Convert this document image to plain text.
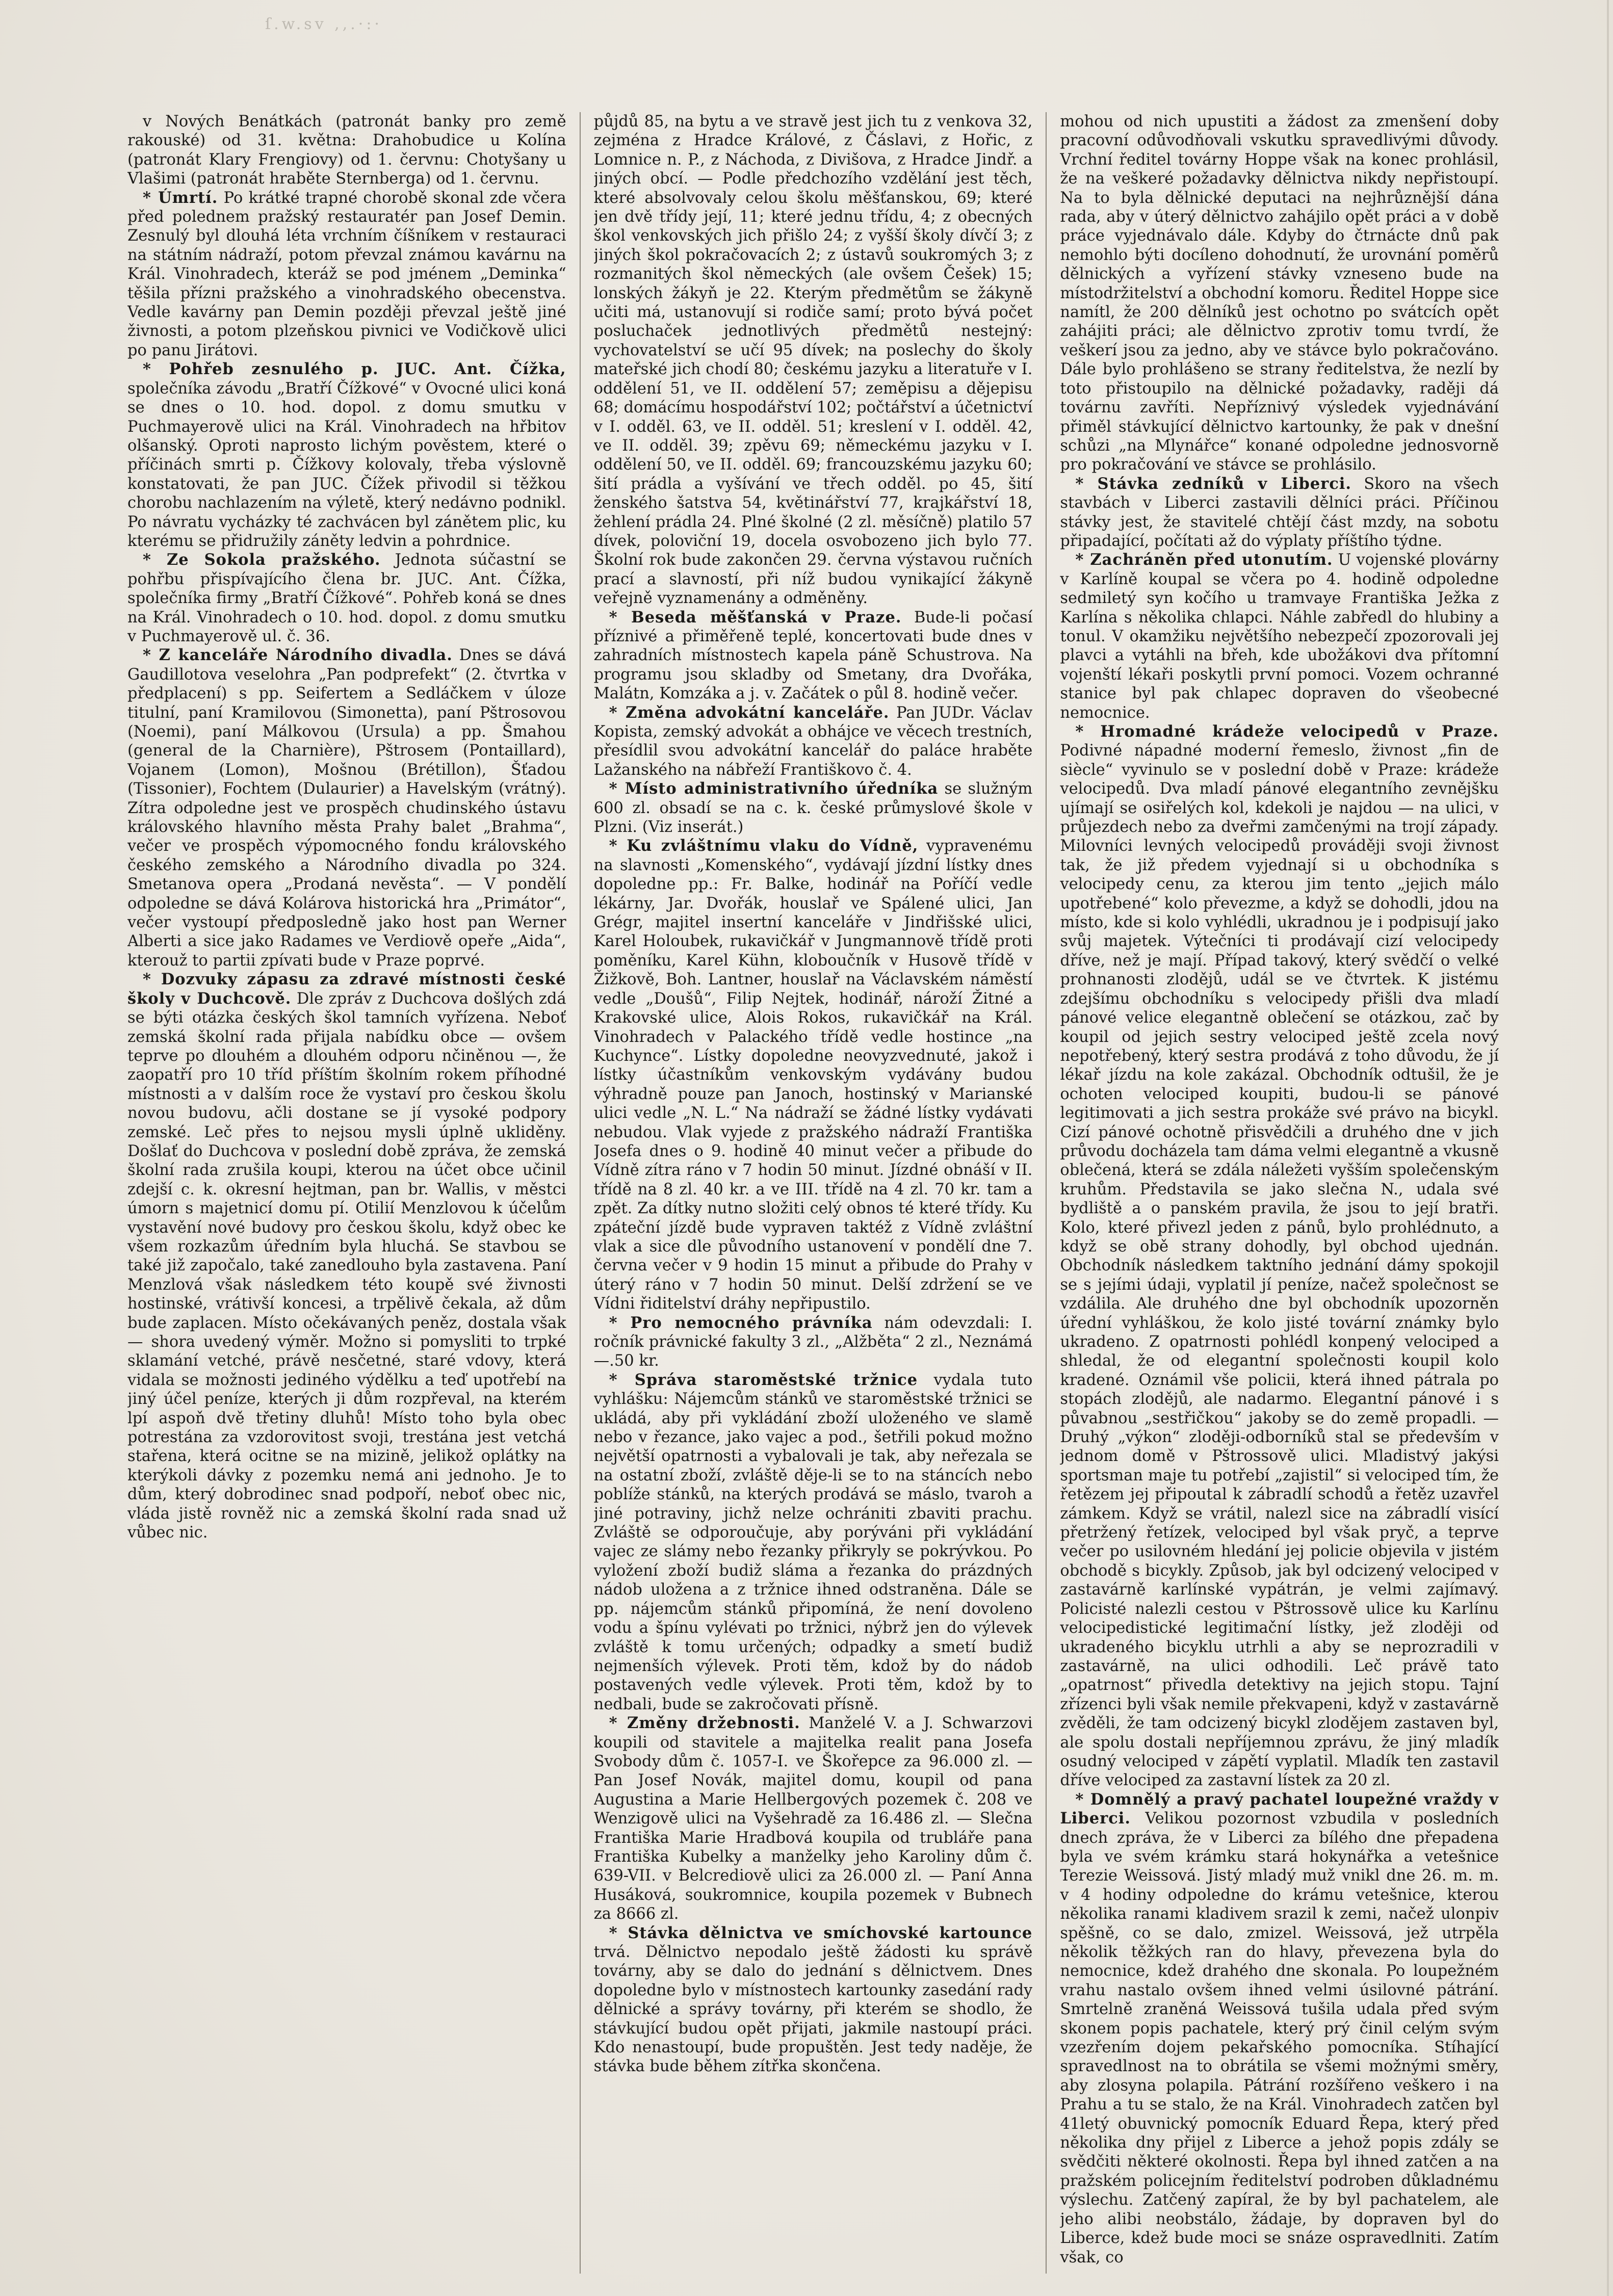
ſ.w.sv ,,.·:·

v Nových Benátkách (patronát banky pro země rakouské) od 31. května: Drahobudice u Kolína (patronát Klary Frengiovy) od 1. červnu: Chotyšany u Vlašimi (patronát hraběte Sternberga) od 1. červnu.

* Úmrtí. Po krátké trapné chorobě skonal zde včera před polednem pražský restauratér pan Josef Demin. Zesnulý byl dlouhá léta vrchním číšníkem v restauraci na státním nádraží, potom převzal známou kavárnu na Král. Vinohradech, kteráž se pod jménem „Deminka“ těšila přízni pražského a vinohradského obecenstva. Vedle kavárny pan Demin později převzal ještě jiné živnosti, a potom plzeňskou pivnici ve Vodičkově ulici po panu Jirátovi.

* Pohřeb zesnulého p. JUC. Ant. Čížka, společníka závodu „Bratří Čížkové“ v Ovocné ulici koná se dnes o 10. hod. dopol. z domu smutku v Puchmayerově ulici na Král. Vinohradech na hřbitov olšanský. Oproti naprosto lichým pověstem, které o příčinách smrti p. Čížkovy kolovaly, třeba výslovně konstatovati, že pan JUC. Čížek přivodil si těžkou chorobu nachlazením na výletě, který nedávno podnikl. Po návratu vycházky té zachvácen byl zánětem plic, ku kterému se přidružily záněty ledvin a pohrdnice.

* Ze Sokola pražského. Jednota súčastní se pohřbu přispívajícího člena br. JUC. Ant. Čížka, společníka firmy „Bratří Čížkové“. Pohřeb koná se dnes na Král. Vinohradech o 10. hod. dopol. z domu smutku v Puchmayerově ul. č. 36.

* Z kanceláře Národního divadla. Dnes se dává Gaudillotova veselohra „Pan podprefekt“ (2. čtvrtka v předplacení) s pp. Seifertem a Sedláčkem v úloze titulní, paní Kramilovou (Simonetta), paní Pštrosovou (Noemi), paní Málkovou (Ursula) a pp. Šmahou (general de la Charnière), Pštrosem (Pontaillard), Vojanem (Lomon), Mošnou (Brétillon), Šťadou (Tissonier), Fochtem (Dulaurier) a Havelským (vrátný). Zítra odpoledne jest ve prospěch chudinského ústavu královského hlavního města Prahy balet „Brahma“, večer ve prospěch výpomocného fondu královského českého zemského a Národního divadla po 324. Smetanova opera „Prodaná nevěsta“. — V pondělí odpoledne se dává Kolárova historická hra „Primátor“, večer vystoupí předposledně jako host pan Werner Alberti a sice jako Radames ve Verdiově opeře „Aida“, kterouž to partii zpívati bude v Praze poprvé.

* Dozvuky zápasu za zdravé místnosti české školy v Duchcově. Dle zpráv z Duchcova došlých zdá se býti otázka českých škol tamních vyřízena. Neboť zemská školní rada přijala nabídku obce — ovšem teprve po dlouhém a dlouhém odporu nčiněnou —, že zaopatří pro 10 tříd příštím školním rokem příhodné místnosti a v dalším roce že vystaví pro českou školu novou budovu, ačli dostane se jí vysoké podpory zemské. Leč přes to nejsou mysli úplně ukliděny. Došlať do Duchcova v poslední době zpráva, že zemská školní rada zrušila koupi, kterou na účet obce učinil zdejší c. k. okresní hejtman, pan br. Wallis, v městci úmorn s majetnicí domu pí. Otilií Menzlovou k účelům vystavění nové budovy pro českou školu, když obec ke všem rozkazům úředním byla hluchá. Se stavbou se také již započalo, také zanedlouho byla zastavena. Paní Menzlová však následkem této koupě své živnosti hostinské, vrátivší koncesi, a trpělivě čekala, až dům bude zaplacen. Místo očekávaných peněz, dostala však — shora uvedený výměr. Možno si pomysliti to trpké sklamání vetché, právě nesčetné, staré vdovy, která vidala se možnosti jediného výdělku a teď upotřebí na jiný účel peníze, kterých ji dům rozpřeval, na kterém lpí aspoň dvě třetiny dluhů! Místo toho byla obec potrestána za vzdorovitost svoji, trestána jest vetchá stařena, která ocitne se na mizině, jelikož oplátky na kterýkoli dávky z pozemku nemá ani jednoho. Je to dům, který dobrodinec snad podpoří, neboť obec nic, vláda jistě rovněž nic a zemská školní rada snad už vůbec nic.

půjdů 85, na bytu a ve stravě jest jich tu z venkova 32, zejména z Hradce Králové, z Čáslavi, z Hořic, z Lomnice n. P., z Náchoda, z Divišova, z Hradce Jindř. a jiných obcí. — Podle předchozího vzdělání jest těch, které absolvovaly celou školu měšťanskou, 69; které jen dvě třídy její, 11; které jednu třídu, 4; z obecných škol venkovských jich přišlo 24; z vyšší školy dívčí 3; z jiných škol pokračovacích 2; z ústavů soukromých 3; z rozmanitých škol německých (ale ovšem Češek) 15; lonských žákyň je 22. Kterým předmětům se žákyně učiti má, ustanovují si rodiče samí; proto bývá počet posluchaček jednotlivých předmětů nestejný: vychovatelství se učí 95 dívek; na poslechy do školy mateřské jich chodí 80; českému jazyku a literatuře v I. oddělení 51, ve II. oddělení 57; zeměpisu a dějepisu 68; domácímu hospodářství 102; počtářství a účetnictví v I. odděl. 63, ve II. odděl. 51; kreslení v I. odděl. 42, ve II. odděl. 39; zpěvu 69; německému jazyku v I. oddělení 50, ve II. odděl. 69; francouzskému jazyku 60; šití prádla a vyšívání ve třech odděl. po 45, šití ženského šatstva 54, květinářství 77, krajkářství 18, žehlení prádla 24. Plné školné (2 zl. měsíčně) platilo 57 dívek, poloviční 19, docela osvobozeno jich bylo 77. Školní rok bude zakončen 29. června výstavou ručních prací a slavností, při níž budou vynikající žákyně veřejně vyznamenány a odměněny.

* Beseda měšťanská v Praze. Bude-li počasí příznivé a přiměřeně teplé, koncertovati bude dnes v zahradních místnostech kapela páně Schustrova. Na programu jsou skladby od Smetany, dra Dvořáka, Malátn, Komzáka a j. v. Začátek o půl 8. hodině večer.

* Změna advokátní kanceláře. Pan JUDr. Václav Kopista, zemský advokát a obhájce ve věcech trestních, přesídlil svou advokátní kancelář do paláce hraběte Lažanského na nábřeží Františkovo č. 4.

* Místo administrativního úředníka se služným 600 zl. obsadí se na c. k. české průmyslové škole v Plzni. (Viz inserát.)

* Ku zvláštnímu vlaku do Vídně, vypravenému na slavnosti „Komenského“, vydávají jízdní lístky dnes dopoledne pp.: Fr. Balke, hodinář na Poříčí vedle lékárny, Jar. Dvořák, houslař ve Spálené ulici, Jan Grégr, majitel insertní kanceláře v Jindřišské ulici, Karel Holoubek, rukavičkář v Jungmannově třídě proti poměníku, Karel Kühn, kloboučník v Husově třídě v Žižkově, Boh. Lantner, houslař na Václavském náměstí vedle „Doušů“, Filip Nejtek, hodinář, nároží Žitné a Krakovské ulice, Alois Rokos, rukavičkář na Král. Vinohradech v Palackého třídě vedle hostince „na Kuchynce“. Lístky dopoledne neovyzvednuté, jakož i lístky účastníkům venkovským vydávány budou výhradně pouze pan Janoch, hostinský v Marianské ulici vedle „N. L.“ Na nádraží se žádné lístky vydávati nebudou. Vlak vyjede z pražského nádraží Františka Josefa dnes o 9. hodině 40 minut večer a přibude do Vídně zítra ráno v 7 hodin 50 minut. Jízdné obnáší v II. třídě na 8 zl. 40 kr. a ve III. třídě na 4 zl. 70 kr. tam a zpět. Za dítky nutno složiti celý obnos té které třídy. Ku zpáteční jízdě bude vypraven taktéž z Vídně zvláštní vlak a sice dle původního ustanovení v pondělí dne 7. června večer v 9 hodin 15 minut a přibude do Prahy v úterý ráno v 7 hodin 50 minut. Delší zdržení se ve Vídni řiditelství dráhy nepřipustilo.

* Pro nemocného právníka nám odevzdali: I. ročník právnické fakulty 3 zl., „Alžběta“ 2 zl., Neznámá —.50 kr.

* Správa staroměstské tržnice vydala tuto vyhlášku: Nájemcům stánků ve staroměstské tržnici se ukládá, aby při vykládání zboží uloženého ve slamě nebo v řezance, jako vajec a pod., šetřili pokud možno největší opatrnosti a vybalovali je tak, aby neřezala se na ostatní zboží, zvláště děje-li se to na stáncích nebo poblíže stánků, na kterých prodává se máslo, tvaroh a jiné potraviny, jichž nelze ochrániti zbaviti prachu. Zvláště se odporoučuje, aby porýváni při vykládání vajec ze slámy nebo řezanky přikryly se pokrývkou. Po vyložení zboží budiž sláma a řezanka do prázdných nádob uložena a z tržnice ihned odstraněna. Dále se pp. nájemcům stánků připomíná, že není dovoleno vodu a špínu vylévati po tržnici, nýbrž jen do výlevek zvláště k tomu určených; odpadky a smetí budiž nejmenších výlevek. Proti těm, kdož by do nádob postavených vedle výlevek. Proti těm, kdož by to nedbali, bude se zakročovati přísně.

* Změny držebnosti. Manželé V. a J. Schwarzovi koupili od stavitele a majitelka realit pana Josefa Svobody dům č. 1057-I. ve Škořepce za 96.000 zl. — Pan Josef Novák, majitel domu, koupil od pana Augustina a Marie Hellbergových pozemek č. 208 ve Wenzigově ulici na Vyšehradě za 16.486 zl. — Slečna Františka Marie Hradbová koupila od trubláře pana Františka Kubelky a manželky jeho Karoliny dům č. 639-VII. v Belcrediově ulici za 26.000 zl. — Paní Anna Husáková, soukromnice, koupila pozemek v Bubnech za 8666 zl.

* Stávka dělnictva ve smíchovské kartounce trvá. Dělnictvo nepodalo ještě žádosti ku správě továrny, aby se dalo do jednání s dělnictvem. Dnes dopoledne bylo v místnostech kartounky zasedání rady dělnické a správy továrny, při kterém se shodlo, že stávkující budou opět přijati, jakmile nastoupí práci. Kdo nenastoupí, bude propuštěn. Jest tedy naděje, že stávka bude během zítřka skončena.

mohou od nich upustiti a žádost za zmenšení doby pracovní odůvodňovali vskutku spravedlivými důvody. Vrchní ředitel továrny Hoppe však na konec prohlásil, že na veškeré požadavky dělnictva nikdy nepřistoupí. Na to byla dělnické deputaci na nejhrůznější dána rada, aby v úterý dělnictvo zahájilo opět práci a v době práce vyjednávalo dále. Kdyby do čtrnácte dnů pak nemohlo býti docíleno dohodnutí, že urovnání poměrů dělnických a vyřízení stávky vzneseno bude na místodržitelství a obchodní komoru. Ředitel Hoppe sice namítl, že 200 dělníků jest ochotno po svátcích opět zahájiti práci; ale dělnictvo zprotiv tomu tvrdí, že veškerí jsou za jedno, aby ve stávce bylo pokračováno. Dále bylo prohlášeno se strany ředitelstva, že nezlí by toto přistoupilo na dělnické požadavky, raději dá továrnu zavříti. Nepříznivý výsledek vyjednávání přiměl stávkující dělnictvo kartounky, že pak v dnešní schůzi „na Mlynářce“ konané odpoledne jednosvorně pro pokračování ve stávce se prohlásilo.

* Stávka zedníků v Liberci. Skoro na všech stavbách v Liberci zastavili dělníci práci. Příčinou stávky jest, že stavitelé chtějí část mzdy, na sobotu připadající, počítati až do výplaty příštího týdne.

* Zachráněn před utonutím. U vojenské plovárny v Karlíně koupal se včera po 4. hodině odpoledne sedmiletý syn kočího u tramvaye Františka Ježka z Karlína s několika chlapci. Náhle zabředl do hlubiny a tonul. V okamžiku největšího nebezpečí zpozorovali jej plavci a vytáhli na břeh, kde ubožákovi dva přítomní vojenští lékaři poskytli první pomoci. Vozem ochranné stanice byl pak chlapec dopraven do všeobecné nemocnice.

* Hromadné krádeže velocipedů v Praze. Podivné nápadné moderní řemeslo, živnost „fin de siècle“ vyvinulo se v poslední době v Praze: krádeže velocipedů. Dva mladí pánové elegantního zevnějšku ujímají se osiřelých kol, kdekoli je najdou — na ulici, v průjezdech nebo za dveřmi zamčenými na trojí západy. Milovníci levných velocipedů prováději svoji živnost tak, že již předem vyjednají si u obchodníka s velocipedy cenu, za kterou jim tento „jejich málo upotřebené“ kolo převezme, a když se dohodli, jdou na místo, kde si kolo vyhlédli, ukradnou je i podpisují jako svůj majetek. Výtečníci ti prodávají cizí velocipedy dříve, než je mají. Případ takový, který svědčí o velké prohnanosti zlodějů, udál se ve čtvrtek. K jistému zdejšímu obchodníku s velocipedy přišli dva mladí pánové velice elegantně oblečení se otázkou, zač by koupil od jejich sestry velociped ještě zcela nový nepotřebený, který sestra prodává z toho důvodu, že jí lékař jízdu na kole zakázal. Obchodník odtušil, že je ochoten velociped koupiti, budou-li se pánové legitimovati a jich sestra prokáže své právo na bicykl. Cizí pánové ochotně přisvědčili a druhého dne v jich průvodu docházela tam dáma velmi elegantně a vkusně oblečená, která se zdála náležeti vyšším společenským kruhům. Představila se jako slečna N., udala své bydliště a o panském pravila, že jsou to její bratři. Kolo, které přivezl jeden z pánů, bylo prohlédnuto, a když se obě strany dohodly, byl obchod ujednán. Obchodník následkem taktního jednání dámy spokojil se s jejími údaji, vyplatil jí peníze, načež společnost se vzdálila. Ale druhého dne byl obchodník upozorněn úřední vyhláškou, že kolo jisté tovární známky bylo ukradeno. Z opatrnosti pohlédl konpený velociped a shledal, že od elegantní společnosti koupil kolo kradené. Oznámil vše policii, která ihned pátrala po stopách zlodějů, ale nadarmo. Elegantní pánové i s půvabnou „sestřičkou“ jakoby se do země propadli. — Druhý „výkon“ zloději-odborníků stal se především v jednom domě v Pštrossově ulici. Mladistvý jakýsi sportsman maje tu potřebí „zajistil“ si velociped tím, že řetězem jej připoutal k zábradlí schodů a řetěz uzavřel zámkem. Když se vrátil, nalezl sice na zábradlí visící přetržený řetízek, velociped byl však pryč, a teprve večer po usilovném hledání jej policie objevila v jistém obchodě s bicykly. Způsob, jak byl odcizený velociped v zastavárně karlínské vypátrán, je velmi zajímavý. Policisté nalezli cestou v Pštrossově ulice ku Karlínu velocipedistické legitimační lístky, jež zloději od ukradeného bicyklu utrhli a aby se neprozradili v zastavárně, na ulici odhodili. Leč právě tato „opatrnost“ přivedla detektivy na jejich stopu. Tajní zřízenci byli však nemile překvapeni, když v zastavárně zvěděli, že tam odcizený bicykl zlodějem zastaven byl, ale spolu dostali nepříjemnou zprávu, že jiný mladík osudný velociped v zápětí vyplatil. Mladík ten zastavil dříve velociped za zastavní lístek za 20 zl.

* Domnělý a pravý pachatel loupežné vraždy v Liberci. Velikou pozornost vzbudila v posledních dnech zpráva, že v Liberci za bílého dne přepadena byla ve svém krámku stará hokynářka a vetešnice Terezie Weissová. Jistý mladý muž vnikl dne 26. m. m. v 4 hodiny odpoledne do krámu vetešnice, kterou několika ranami kladivem srazil k zemi, načež ulonpiv spěšně, co se dalo, zmizel. Weissová, jež utrpěla několik těžkých ran do hlavy, převezena byla do nemocnice, kdež drahého dne skonala. Po loupežném vrahu nastalo ovšem ihned velmi úsilovné pátrání. Smrtelně zraněná Weissová tušila udala před svým skonem popis pachatele, který prý činil celým svým vzezřením dojem pekařského pomocníka. Stíhající spravedlnost na to obrátila se všemi možnými směry, aby zlosyna polapila. Pátrání rozšířeno veškero i na Prahu a tu se stalo, že na Král. Vinohradech zatčen byl 41letý obuvnický pomocník Eduard Řepa, který před několika dny přijel z Liberce a jehož popis zdály se svědčiti některé okolnosti. Řepa byl ihned zatčen a na pražském policejním ředitelství podroben důkladnému výslechu. Zatčený zapíral, že by byl pachatelem, ale jeho alibi neobstálo, žádaje, by dopraven byl do Liberce, kdež bude moci se snáze ospravedlniti. Zatím však, co
